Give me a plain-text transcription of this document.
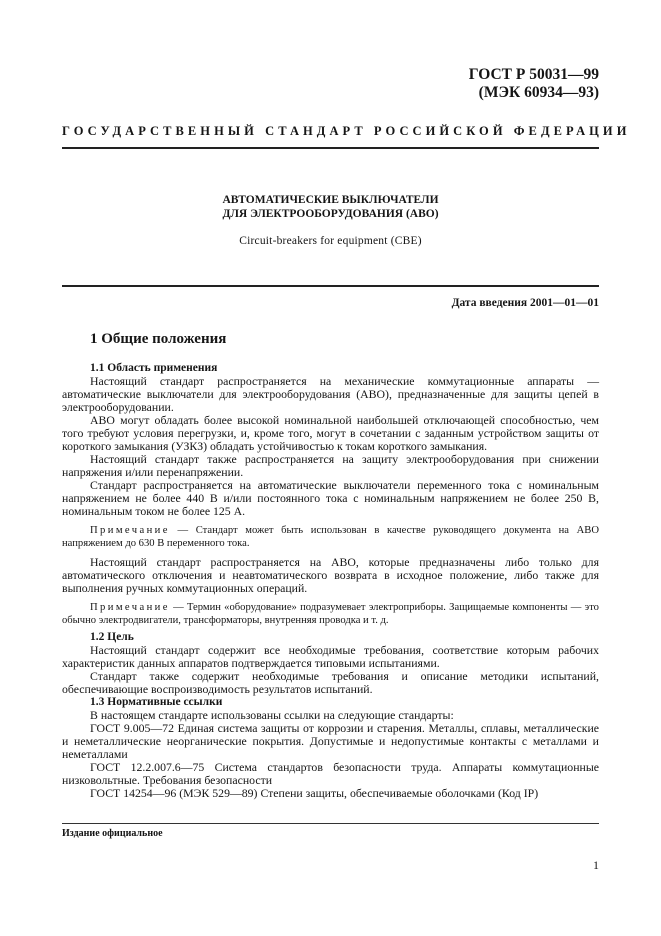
ГОСТ Р 50031—99
(МЭК 60934—93)
ГОСУДАРСТВЕННЫЙ СТАНДАРТ РОССИЙСКОЙ ФЕДЕРАЦИИ
АВТОМАТИЧЕСКИЕ ВЫКЛЮЧАТЕЛИ
ДЛЯ ЭЛЕКТРООБОРУДОВАНИЯ (АВО)
Circuit-breakers for equipment (CBE)
Дата введения 2001—01—01
1 Общие положения

1.1 Область применения

Настоящий стандарт распространяется на механические коммутационные аппараты — автоматические выключатели для электрооборудования (АВО), предназначенные для защиты цепей в электрооборудовании.

АВО могут обладать более высокой номинальной наибольшей отключающей способностью, чем того требуют условия перегрузки, и, кроме того, могут в сочетании с заданным устройством защиты от короткого замыкания (УЗКЗ) обладать устойчивостью к токам короткого замыкания.

Настоящий стандарт также распространяется на защиту электрооборудования при снижении напряжения и/или перенапряжении.

Стандарт распространяется на автоматические выключатели переменного тока с номинальным напряжением не более 440 В и/или постоянного тока с номинальным напряжением не более 250 В, номинальным током не более 125 А.

Примечание — Стандарт может быть использован в качестве руководящего документа на АВО напряжением до 630 В переменного тока.

Настоящий стандарт распространяется на АВО, которые предназначены либо только для автоматического отключения и неавтоматического возврата в исходное положение, либо также для выполнения ручных коммутационных операций.

Примечание — Термин «оборудование» подразумевает электроприборы. Защищаемые компоненты — это обычно электродвигатели, трансформаторы, внутренняя проводка и т. д.

1.2 Цель

Настоящий стандарт содержит все необходимые требования, соответствие которым рабочих характеристик данных аппаратов подтверждается типовыми испытаниями.

Стандарт также содержит необходимые требования и описание методики испытаний, обеспечивающие воспроизводимость результатов испытаний.

1.3 Нормативные ссылки

В настоящем стандарте использованы ссылки на следующие стандарты:

ГОСТ 9.005—72 Единая система защиты от коррозии и старения. Металлы, сплавы, металлические и неметаллические неорганические покрытия. Допустимые и недопустимые контакты с металлами и неметаллами

ГОСТ 12.2.007.6—75 Система стандартов безопасности труда. Аппараты коммутационные низковольтные. Требования безопасности

ГОСТ 14254—96 (МЭК 529—89) Степени защиты, обеспечиваемые оболочками (Код IP)

Издание официальное
1
